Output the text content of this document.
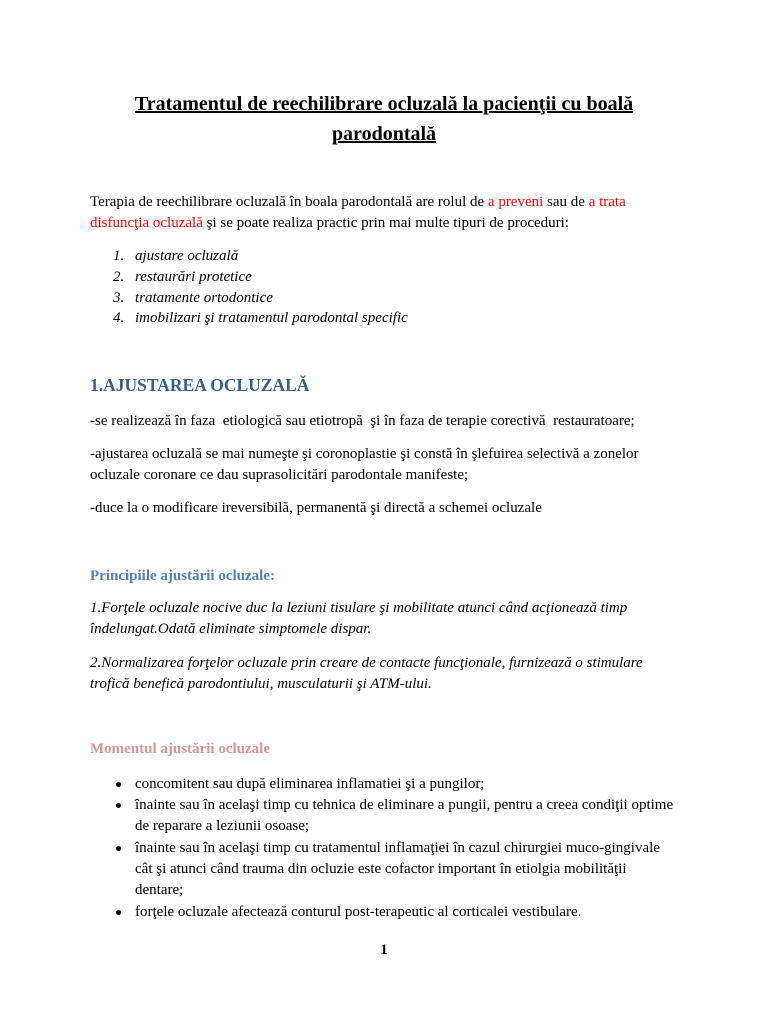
Tratamentul de reechilibrare ocluzală la pacienţii cu boală
parodontală
Terapia de reechilibrare ocluzală în boala parodontală are rolul de a preveni sau de a trata
disfuncţia ocluzală şi se poate realiza practic prin mai multe tipuri de proceduri:
1. ajustare ocluzală
2. restaurări protetice
3. tratamente ortodontice
4. imobilizari şi tratamentul parodontal specific
1.AJUSTAREA OCLUZALĂ
-se realizează în faza  etiologică sau etiotropă  şi în faza de terapie corectivă  restauratoare;
-ajustarea ocluzală se mai numeşte şi coronoplastie şi constă în şlefuirea selectivă a zonelor
ocluzale coronare ce dau suprasolicitări parodontale manifeste;
-duce la o modificare ireversibilă, permanentă şi directă a schemei ocluzale
Principiile ajustării ocluzale:
1.Forţele ocluzale nocive duc la leziuni tisulare şi mobilitate atunci când acţionează timp
îndelungat.Odată eliminate simptomele dispar.
2.Normalizarea forţelor ocluzale prin creare de contacte funcţionale, furnizează o stimulare
trofică benefică parodontiului, musculaturii şi ATM-ului.
Momentul ajustării ocluzale
concomitent sau după eliminarea inflamatiei şi a pungilor;
înainte sau în acelaşi timp cu tehnica de eliminare a pungii, pentru a creea condiţii optime
de reparare a leziunii osoase;
înainte sau în acelaşi timp cu tratamentul inflamaţiei în cazul chirurgiei muco-gingivale
cât şi atunci când trauma din ocluzie este cofactor important în etiolgia mobilităţii
dentare;
forţele ocluzale afectează conturul post-terapeutic al corticalei vestibulare.
1
